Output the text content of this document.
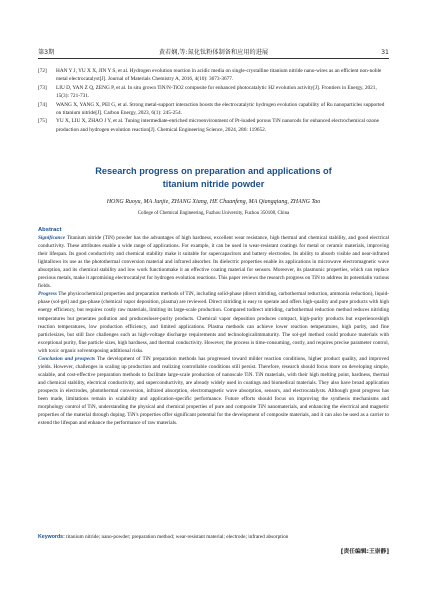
第3期	黄若娴,等:氮化钛粉体制备和应用的进展	31
[72]	HAN Y J, YU X X, JIN Y S, et al. Hydrogen evolution reaction in acidic media on single-crystalline titanium nitride nano-wires as an efficient non-noble metal electrocatalyst[J]. Journal of Materials Chemistry A, 2016, 4(10): 3673-3677.
[73]	LIU D, YAN Z Q, ZENG P, et al. In situ grown TiN/N-TiO2 composite for enhanced photocatalytic H2 evolution activity[J]. Frontiers in Energy, 2021, 15(3): 721-731.
[74]	WANG X, YANG X, PEI G, et al. Strong metal-support interaction boosts the electrocatalytic hydrogen evolution capability of Ru nanoparticles supported on titanium nitride[J]. Carbon Energy, 2023, 6(1): 245-254.
[75]	YU X, LIU X, ZHAO J Y, et al. Tuning intermediate-enriched microenvironment of Pt-loaded porous TiN nanorods for enhanced electrochemical ozone production and hydrogen evolution reaction[J]. Chemical Engineering Science, 2024, 286: 119652.
Research progress on preparation and applications of
titanium nitride powder
HONG Ruoyu, MA Junjie, ZHANG Xiang, HE Chuanfeng, MA Qiangqiang, ZHANG Tao
College of Chemical Engineering, Fuzhou University, Fuzhou 350108, China
Abstract

Significance Titanium nitride (TiN) powder has the advantages of high hardness, excellent wear resistance, high thermal and chemical stability, and good electrical conductivity. These attributes enable a wide range of applications. For example, it can be used in wear-resistant coatings for metal or ceramic materials, improving their lifespan. Its good conductivity and chemical stability make it suitable for supercapacitors and battery electrodes. Its ability to absorb visible and near-infrared lightallows its use as the photothermal conversion material and infrared absorber. Its dielectric properties enable its applications in microwave electromagnetic wave absorption, and its chemical stability and low work functionmake it an effective coating material for sensors. Moreover, its plasmonic properties, which can replace precious metals, make it apromising electrocatalyst for hydrogen evolution reactions. This paper reviews the research progress on TiN to address its potentialin various fields.

Progress The physicochemical properties and preparation methods of TiN, including solid-phase (direct nitriding, carbothermal reduction, ammonia reduction), liquid-phase (sol-gel) and gas-phase (chemical vapor deposition, plasma) are reviewed. Direct nitriding is easy to operate and offers high-quality and pure products with high energy efficiency, but requires costly raw materials, limiting its large-scale production. Compared todirect nitriding, carbothermal reduction method reduces nitriding temperatures but generates pollution and producesloser-purity products. Chemical vapor deposition produces compact, high-purity products but experienceshigh reaction temperatures, low production efficiency, and limited applications. Plasma methods can achieve lower reaction temperatures, high purity, and fine particlesizes, but still face challenges such as high-voltage discharge requirements and technologicalimmaturity. The sol-gel method could produce materials with exceptional purity, fine particle sizes, high hardness, and thermal conductivity. However, the process is time-consuming, costly, and requires precise parameter control, with toxic organic solventsposing additional risks.

Conclusion and prospects The development of TiN preparation methods has progressed toward milder reaction conditions, higher product quality, and improved yields. However, challenges in scaling up production and realizing controllable conditions still persist. Therefore, research should focus more on developing simple, scalable, and cost-effective preparation methods to facilitate large-scale production of nanoscale TiN. TiN materials, with their high melting point, hardness, thermal and chemical stability, electrical conductivity, and superconductivity, are already widely used in coatings and biomedical materials. They also have broad application prospects in electrodes, photothermal conversion, infrared absorption, electromagnetic wave absorption, sensors, and electrocatalysts. Although great progress has been made, limitations remain in scalability and application-specific performance. Future efforts should focus on improving the synthesis mechanisms and morphology control of TiN, understanding the physical and chemical properties of pure and composite TiN nanomaterials, and enhancing the electrical and magnetic properties of the material through doping. TiN's properties offer significant potential for the development of composite materials, and it can also be used as a carrier to extend the lifespan and enhance the performance of raw materials.

Keywords: titanium nitride; nano-powder; preparation method; wear-resistant material; electrode; infrared absorption
[责任编辑:王崇静]
